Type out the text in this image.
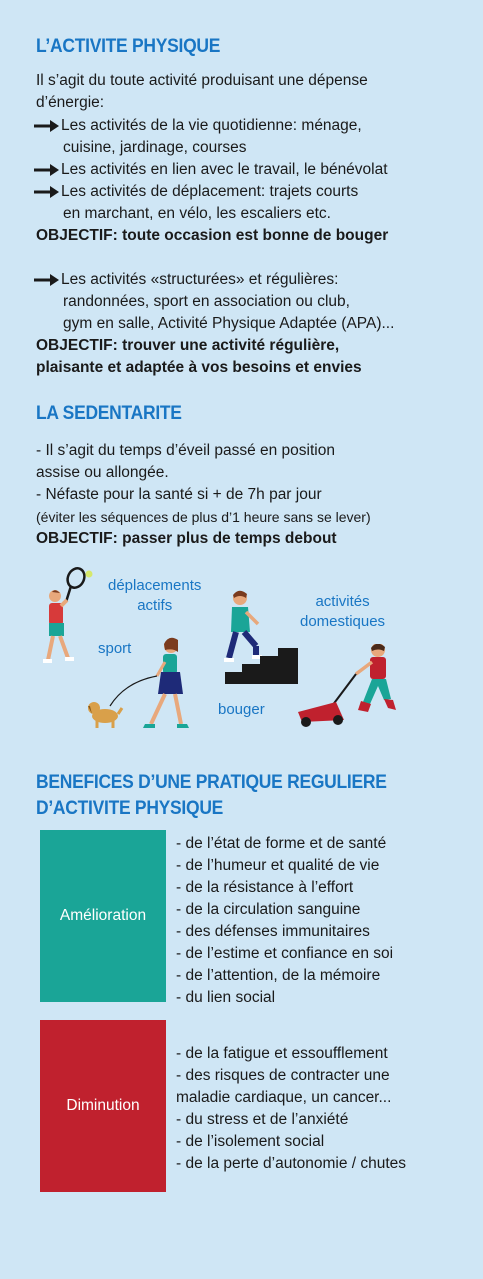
L’ACTIVITE PHYSIQUE
Il s’agit du toute activité produisant une dépense
d’énergie:
Les activités de la vie quotidienne: ménage,
cuisine, jardinage, courses
Les activités en lien avec le travail, le bénévolat
Les activités de déplacement: trajets courts
en marchant, en vélo, les escaliers etc.
OBJECTIF: toute occasion est bonne de bouger
Les activités «structurées» et régulières:
randonnées, sport en association ou club,
gym en salle, Activité Physique Adaptée (APA)...
OBJECTIF: trouver une activité régulière,
plaisante et adaptée à vos besoins et envies
LA SEDENTARITE
- Il s’agit du temps d’éveil passé en position
assise ou allongée.
- Néfaste pour la santé si + de 7h par jour
(éviter les séquences de plus d’1 heure sans se lever)
OBJECTIF: passer plus de temps debout
déplacements
actifs	activités
domestiques
sport
bouger
BENEFICES D’UNE PRATIQUE REGULIERE
D’ACTIVITE PHYSIQUE
Amélioration
- de l’état de forme et de santé
- de l’humeur et qualité de vie
- de la résistance à l’effort
- de la circulation sanguine
- des défenses immunitaires
- de l’estime et confiance en soi
- de l’attention, de la mémoire
- du lien social
Diminution
- de la fatigue et essoufflement
- des risques de contracter une
maladie cardiaque, un cancer...
- du stress et de l’anxiété
- de l’isolement social
- de la perte d’autonomie / chutes
